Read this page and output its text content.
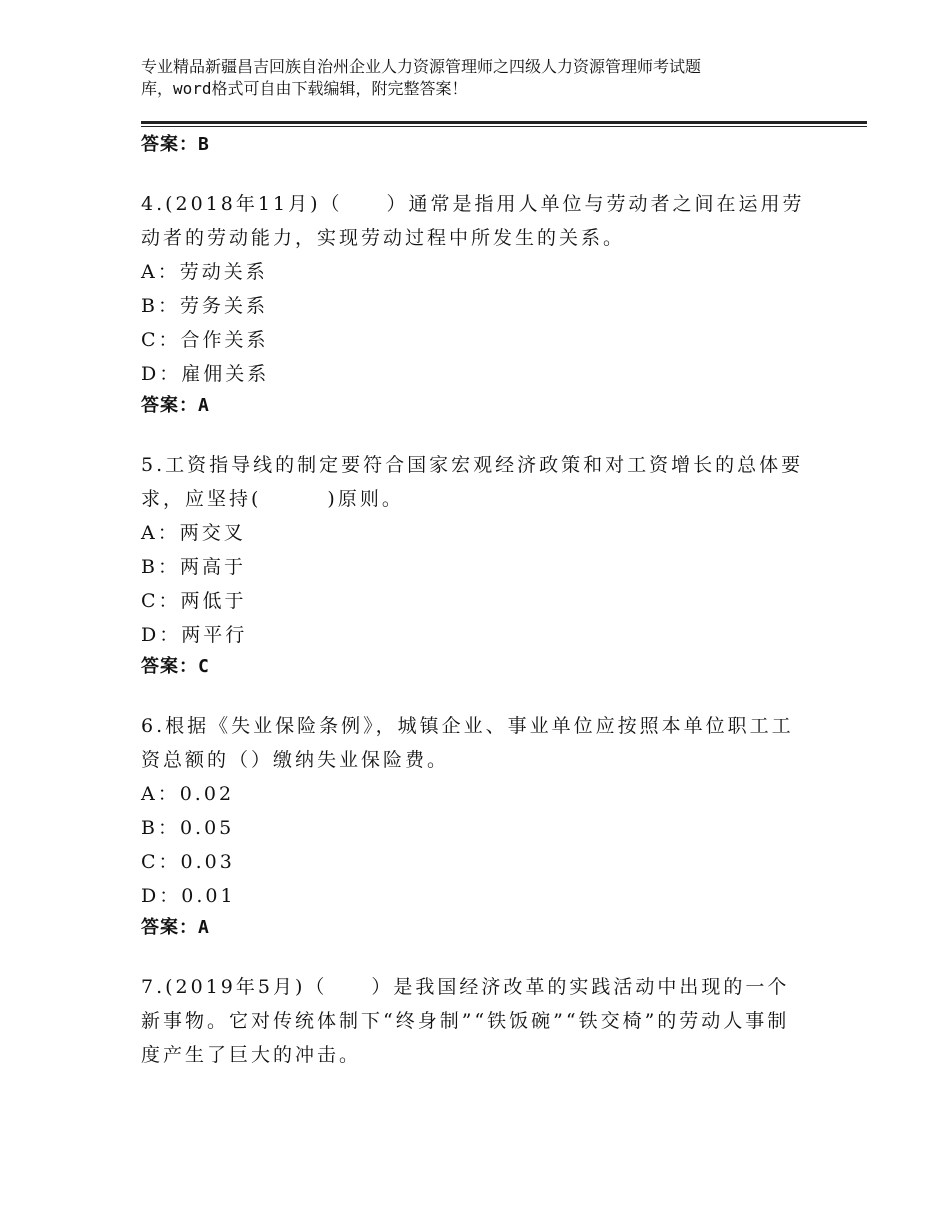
专业精品新疆昌吉回族自治州企业人力资源管理师之四级人力资源管理师考试题
库，word格式可自由下载编辑，附完整答案！
答案：B
4.(2018年11月)（　　）通常是指用人单位与劳动者之间在运用劳动者的劳动能力，实现劳动过程中所发生的关系。
A：劳动关系
B：劳务关系
C：合作关系
D：雇佣关系
答案：A
5.工资指导线的制定要符合国家宏观经济政策和对工资增长的总体要求，应坚持(　　　)原则。
A：两交叉
B：两高于
C：两低于
D：两平行
答案：C
6.根据《失业保险条例》，城镇企业、事业单位应按照本单位职工工资总额的（）缴纳失业保险费。
A：0.02
B：0.05
C：0.03
D：0.01
答案：A
7.(2019年5月)（　　）是我国经济改革的实践活动中出现的一个新事物。它对传统体制下“终身制”“铁饭碗”“铁交椅”的劳动人事制度产生了巨大的冲击。
